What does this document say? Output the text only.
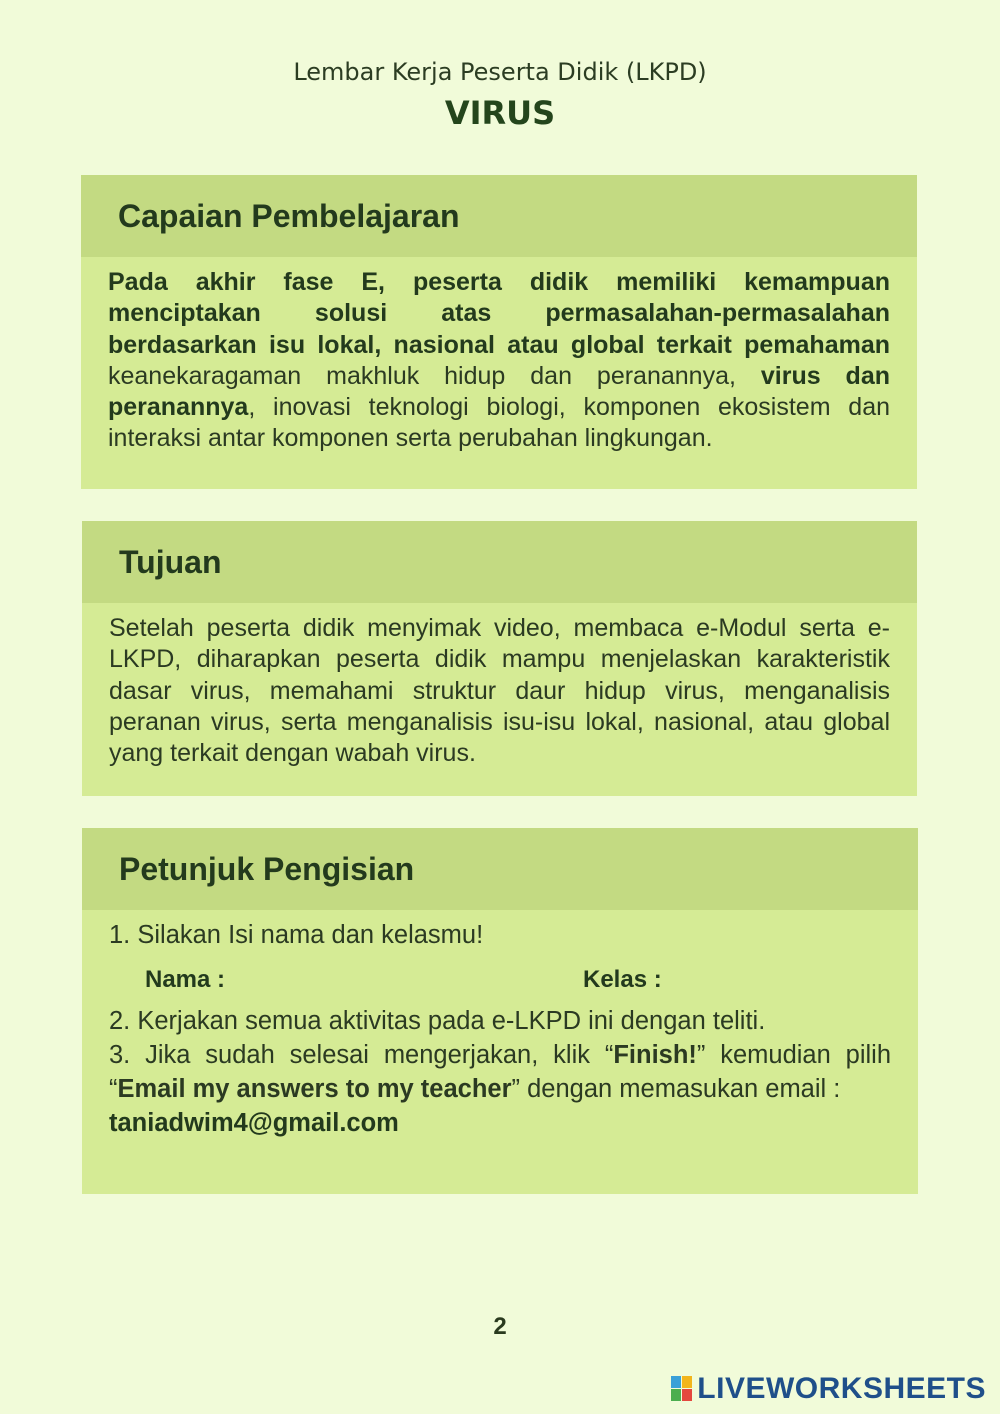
Lembar Kerja Peserta Didik (LKPD)
VIRUS
Capaian Pembelajaran
Pada akhir fase E, peserta didik memiliki kemampuan menciptakan solusi atas permasalahan-permasalahan berdasarkan isu lokal, nasional atau global terkait pemahaman keanekaragaman makhluk hidup dan peranannya, virus dan peranannya, inovasi teknologi biologi, komponen ekosistem dan interaksi antar komponen serta perubahan lingkungan.
Tujuan
Setelah peserta didik menyimak video, membaca e-Modul serta e-LKPD, diharapkan peserta didik mampu menjelaskan karakteristik dasar virus, memahami struktur daur hidup virus, menganalisis peranan virus, serta menganalisis isu-isu lokal, nasional, atau global yang terkait dengan wabah virus.
Petunjuk Pengisian
1. Silakan Isi nama dan kelasmu!
Nama :	Kelas :
2. Kerjakan semua aktivitas pada e-LKPD ini dengan teliti.
3. Jika sudah selesai mengerjakan, klik “Finish!” kemudian pilih “Email my answers to my teacher” dengan memasukan email :
taniadwim4@gmail.com
2
LIVEWORKSHEETS
